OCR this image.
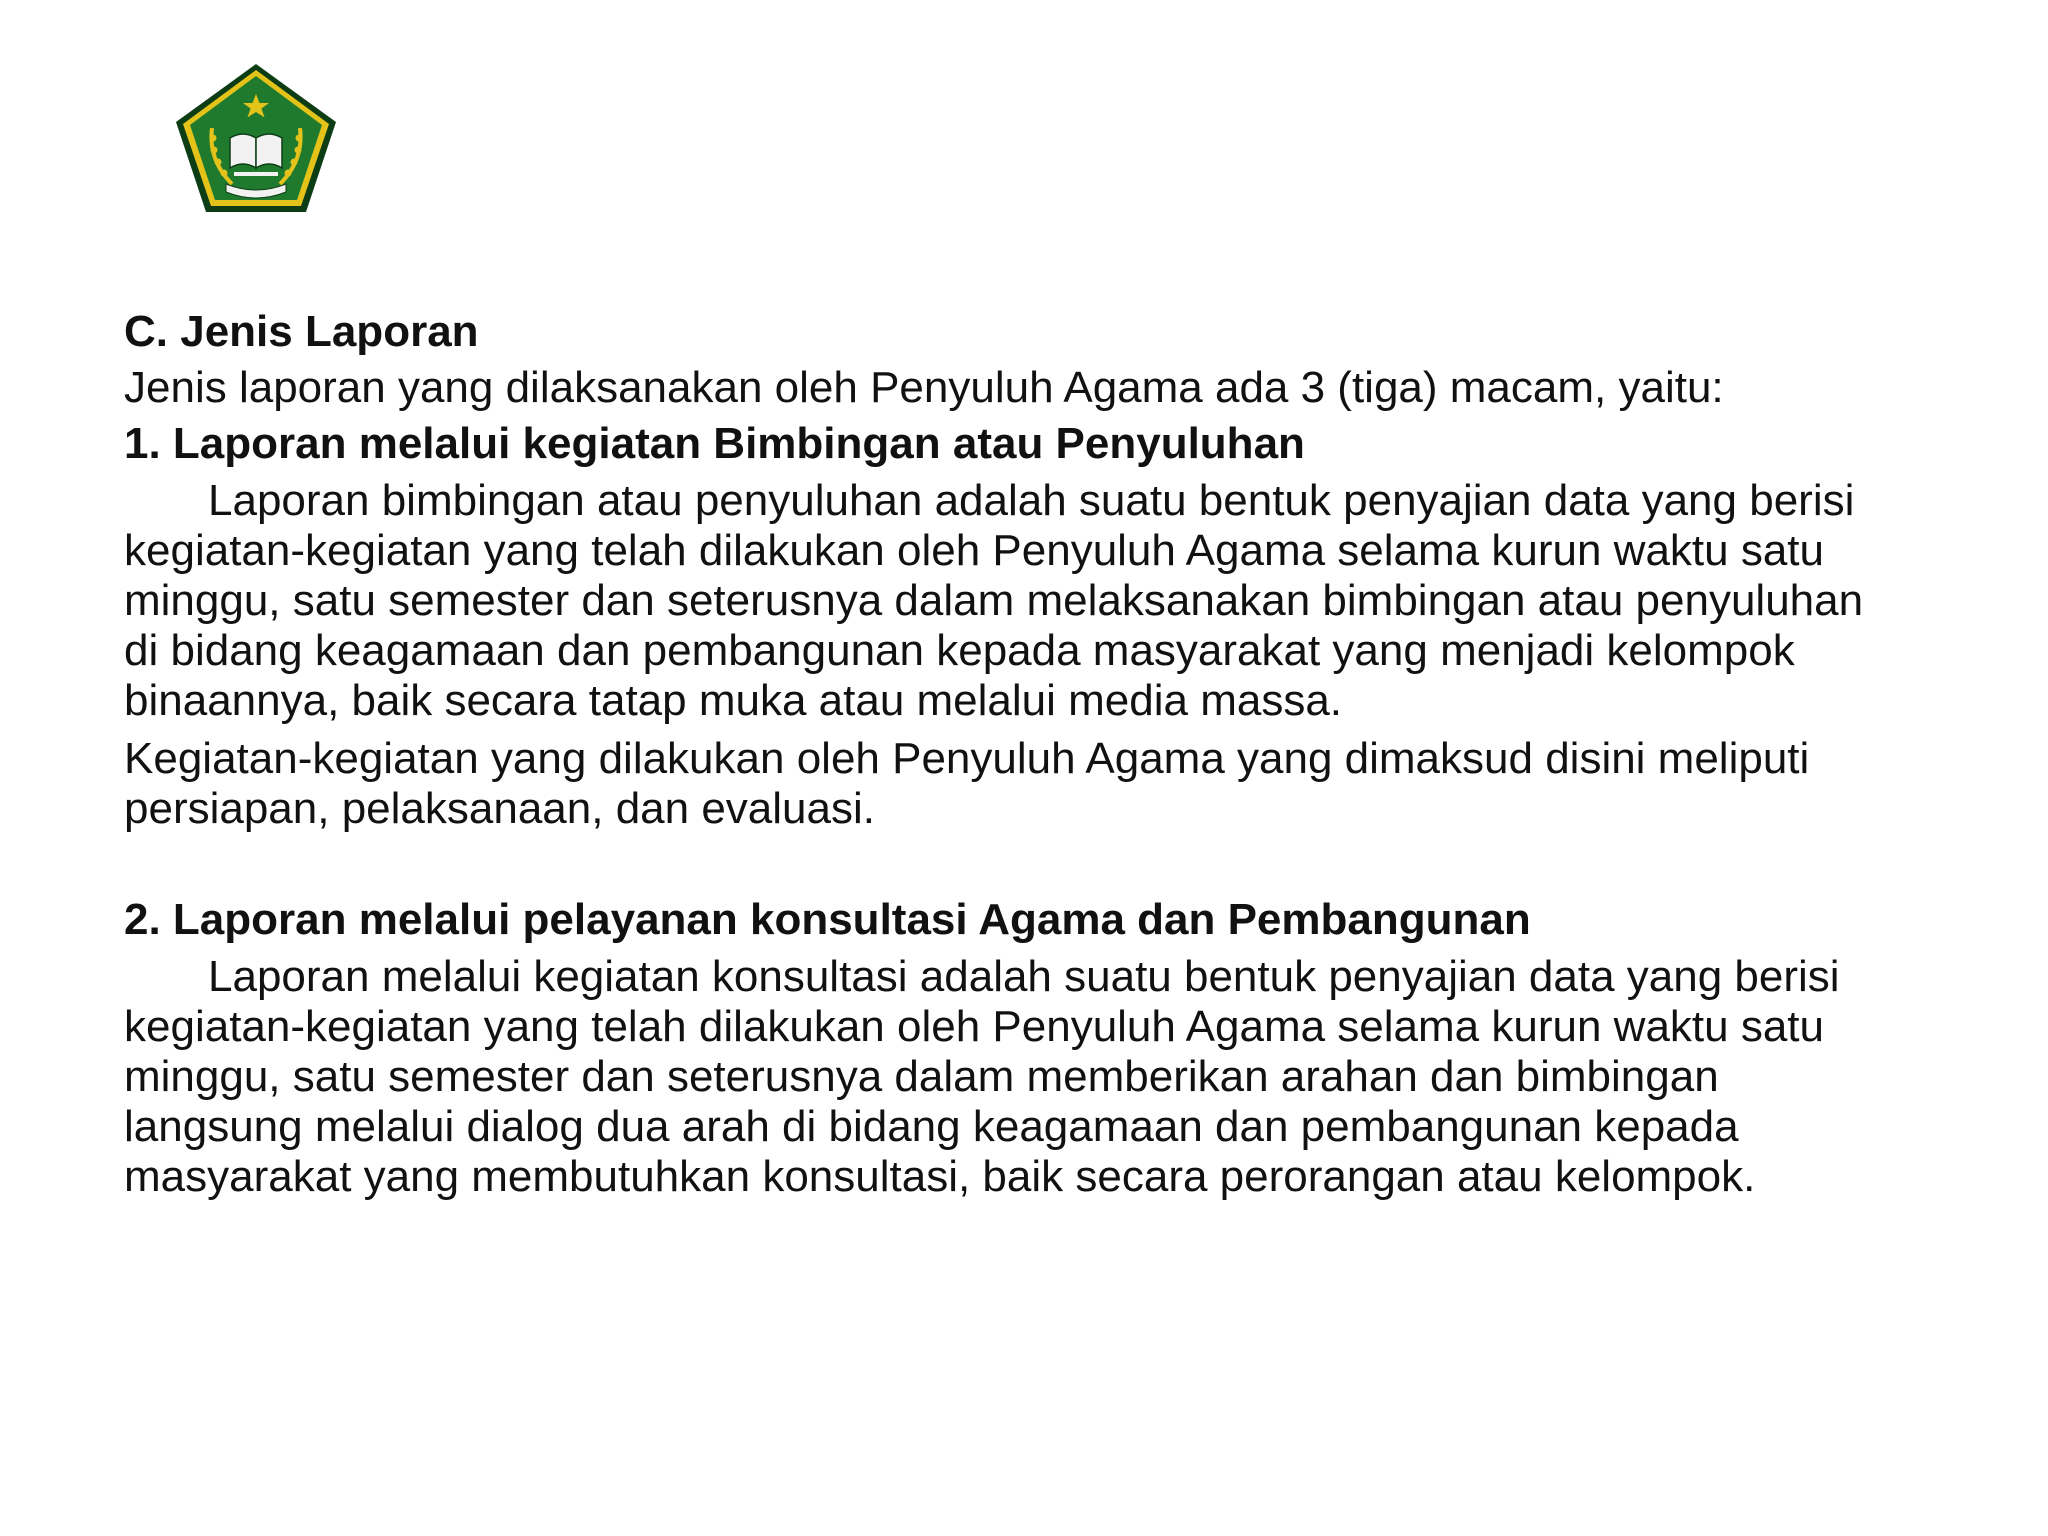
C. Jenis Laporan
Jenis laporan yang dilaksanakan oleh Penyuluh Agama ada 3 (tiga) macam, yaitu:
1. Laporan melalui kegiatan Bimbingan atau Penyuluhan
Laporan bimbingan atau penyuluhan adalah suatu bentuk penyajian data yang berisi
kegiatan-kegiatan yang telah dilakukan oleh Penyuluh Agama selama kurun waktu satu
minggu, satu semester dan seterusnya dalam melaksanakan bimbingan atau penyuluhan
di bidang keagamaan dan pembangunan kepada masyarakat yang menjadi kelompok
binaannya, baik secara tatap muka atau melalui media massa.
Kegiatan-kegiatan yang dilakukan oleh Penyuluh Agama yang dimaksud disini meliputi
persiapan, pelaksanaan, dan evaluasi.
2. Laporan melalui pelayanan konsultasi Agama dan Pembangunan
Laporan melalui kegiatan konsultasi adalah suatu bentuk penyajian data yang berisi
kegiatan-kegiatan yang telah dilakukan oleh Penyuluh Agama selama kurun waktu satu
minggu, satu semester dan seterusnya dalam memberikan arahan dan bimbingan
langsung melalui dialog dua arah di bidang keagamaan dan pembangunan kepada
masyarakat yang membutuhkan konsultasi, baik secara perorangan atau kelompok.
